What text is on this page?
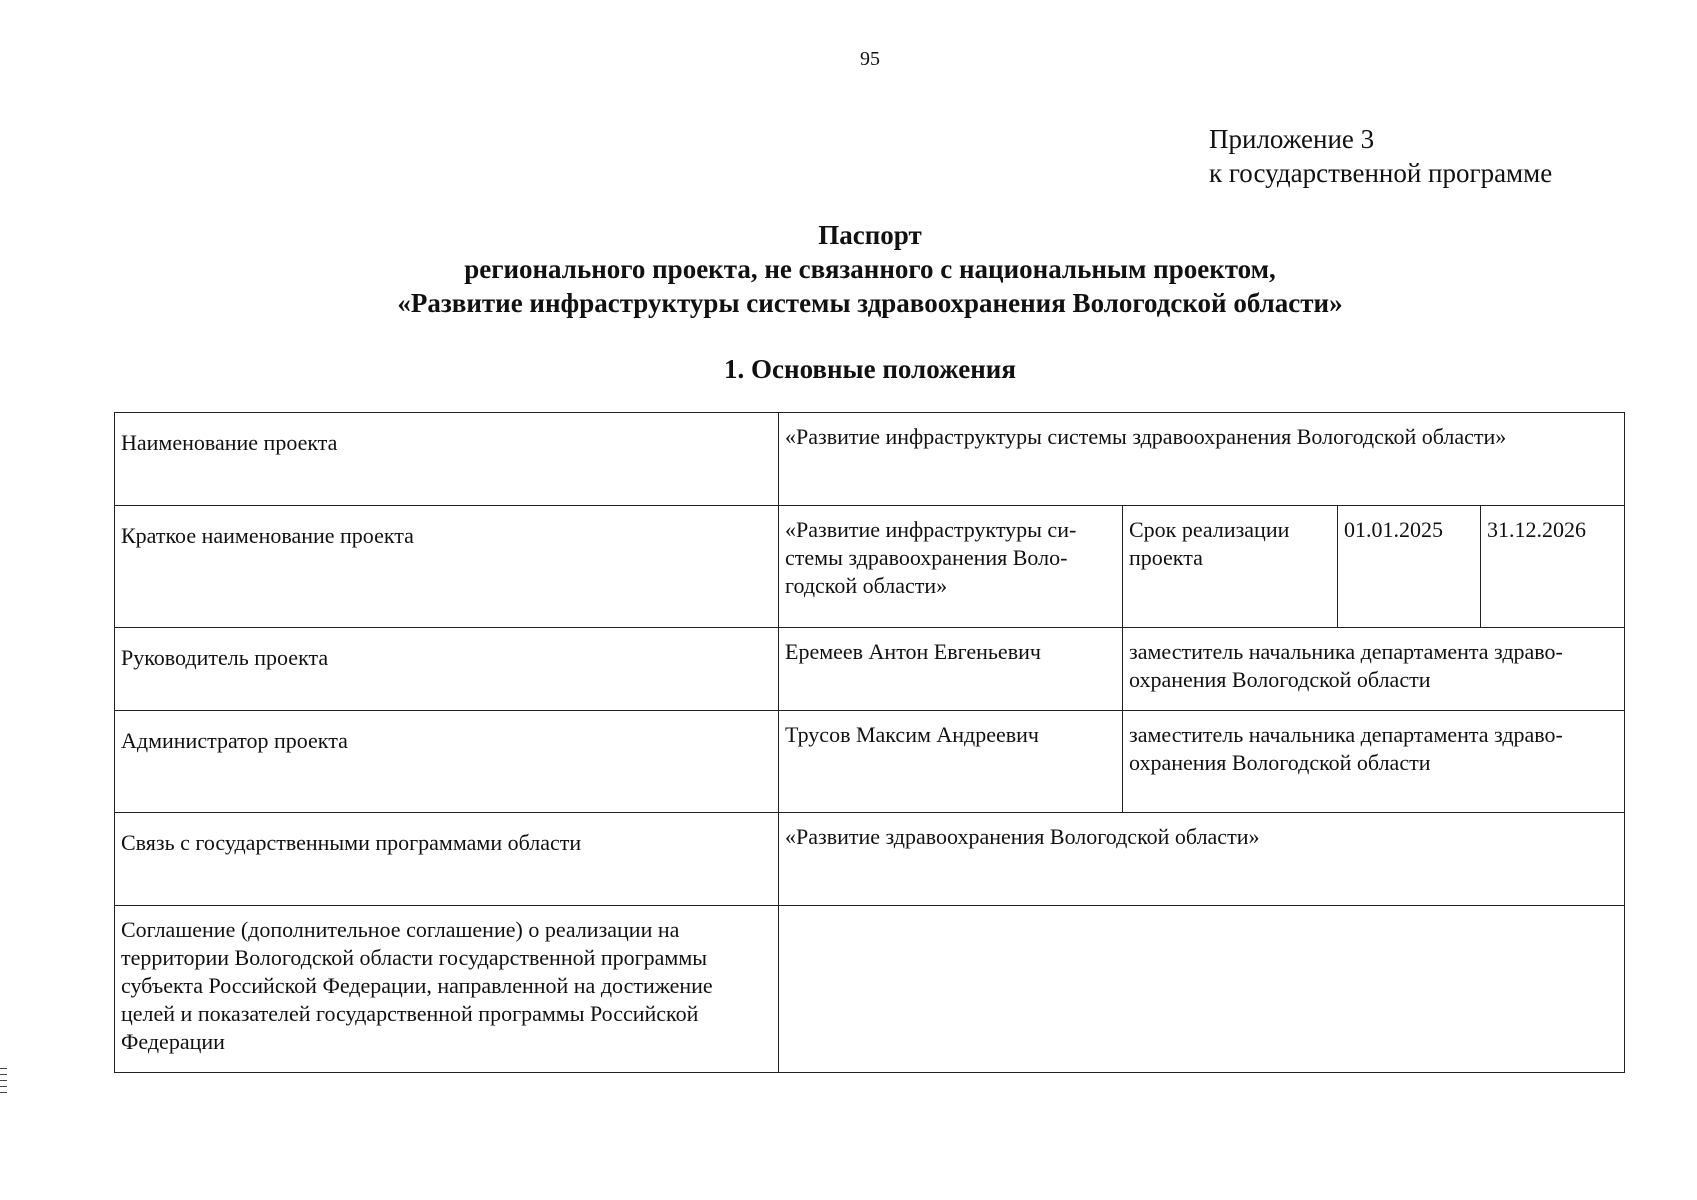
95
Приложение 3
к государственной программе
Паспорт
регионального проекта, не связанного с национальным проектом,
«Развитие инфраструктуры системы здравоохранения Вологодской области»
1. Основные положения
Наименование проекта	«Развитие инфраструктуры системы здравоохранения Вологодской области»			
Краткое наименование проекта	«Развитие инфраструктуры системы здравоохранения Вологодской области»	Срок реализации проекта	01.01.2025	31.12.2026
Руководитель проекта	Еремеев Антон Евгеньевич	заместитель начальника департамента здравоохранения Вологодской области		
Администратор проекта	Трусов Максим Андреевич	заместитель начальника департамента здравоохранения Вологодской области		
Связь с государственными программами области	«Развитие здравоохранения Вологодской области»			
Соглашение (дополнительное соглашение) о реализации на территории Вологодской области государственной программы субъекта Российской Федерации, направленной на достижение целей и показателей государственной программы Российской Федерации				
